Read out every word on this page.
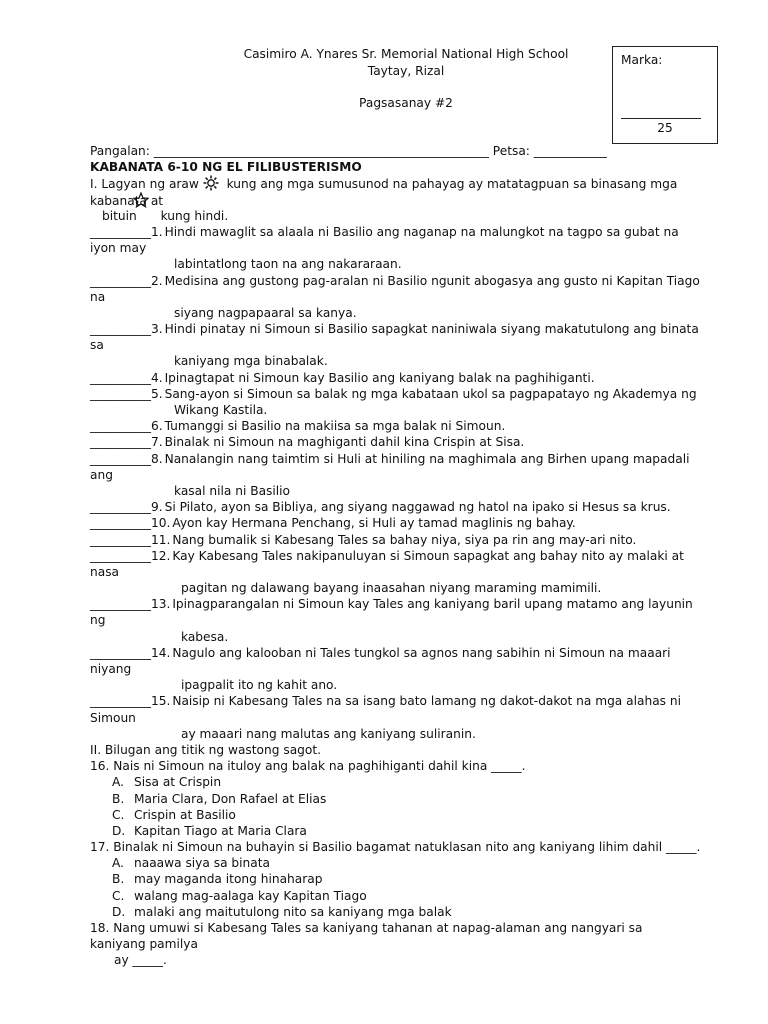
Casimiro A. Ynares Sr. Memorial National High School
Taytay, Rizal
Pagsasanay #2
Marka:
25
Pangalan: _______________________________________________________ Petsa: ____________
KABANATA 6-10 NG EL FILIBUSTERISMO
I. Lagyan ng araw kung ang mga sumusunod na pahayag ay matatagpuan sa binasang mga
kabanata at
bituin kung hindi.
__________1. Hindi mawaglit sa alaala ni Basilio ang naganap na malungkot na tagpo sa gubat na
iyon may
labintatlong taon na ang nakararaan.
__________2. Medisina ang gustong pag-aralan ni Basilio ngunit abogasya ang gusto ni Kapitan Tiago
na
siyang nagpapaaral sa kanya.
__________3. Hindi pinatay ni Simoun si Basilio sapagkat naniniwala siyang makatutulong ang binata
sa
kaniyang mga binabalak.
__________4. Ipinagtapat ni Simoun kay Basilio ang kaniyang balak na paghihiganti.
__________5. Sang-ayon si Simoun sa balak ng mga kabataan ukol sa pagpapatayo ng Akademya ng
Wikang Kastila.
__________6. Tumanggi si Basilio na makiisa sa mga balak ni Simoun.
__________7. Binalak ni Simoun na maghiganti dahil kina Crispin at Sisa.
__________8. Nanalangin nang taimtim si Huli at hiniling na maghimala ang Birhen upang mapadali
ang
kasal nila ni Basilio
__________9. Si Pilato, ayon sa Bibliya, ang siyang naggawad ng hatol na ipako si Hesus sa krus.
__________10. Ayon kay Hermana Penchang, si Huli ay tamad maglinis ng bahay.
__________11. Nang bumalik si Kabesang Tales sa bahay niya, siya pa rin ang may-ari nito.
__________12. Kay Kabesang Tales nakipanuluyan si Simoun sapagkat ang bahay nito ay malaki at
nasa
pagitan ng dalawang bayang inaasahan niyang maraming mamimili.
__________13. Ipinagparangalan ni Simoun kay Tales ang kaniyang baril upang matamo ang layunin
ng
kabesa.
__________14. Nagulo ang kalooban ni Tales tungkol sa agnos nang sabihin ni Simoun na maaari
niyang
ipagpalit ito ng kahit ano.
__________15. Naisip ni Kabesang Tales na sa isang bato lamang ng dakot-dakot na mga alahas ni
Simoun
ay maaari nang malutas ang kaniyang suliranin.
II. Bilugan ang titik ng wastong sagot.
16. Nais ni Simoun na ituloy ang balak na paghihiganti dahil kina _____.
A. Sisa at Crispin
B. Maria Clara, Don Rafael at Elias
C. Crispin at Basilio
D. Kapitan Tiago at Maria Clara
17. Binalak ni Simoun na buhayin si Basilio bagamat natuklasan nito ang kaniyang lihim dahil _____.
A. naaawa siya sa binata
B. may maganda itong hinaharap
C. walang mag-aalaga kay Kapitan Tiago
D. malaki ang maitutulong nito sa kaniyang mga balak
18. Nang umuwi si Kabesang Tales sa kaniyang tahanan at napag-alaman ang nangyari sa
kaniyang pamilya
ay _____.
